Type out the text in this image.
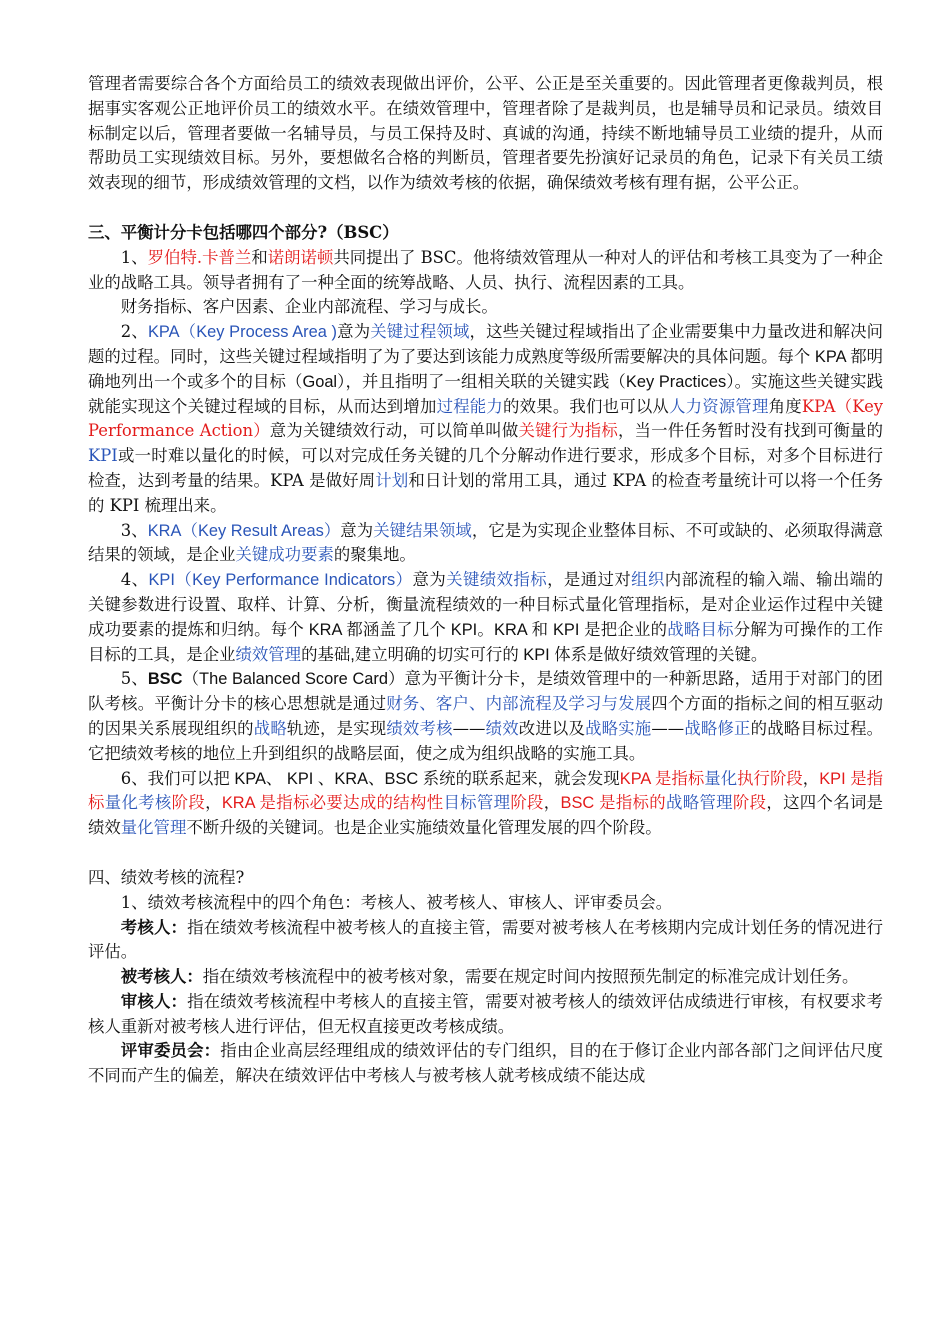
管理者需要综合各个方面给员工的绩效表现做出评价，公平、公正是至关重要的。因此管理者更像裁判员，根据事实客观公正地评价员工的绩效水平。在绩效管理中，管理者除了是裁判员，也是辅导员和记录员。绩效目标制定以后，管理者要做一名辅导员，与员工保持及时、真诚的沟通，持续不断地辅导员工业绩的提升，从而帮助员工实现绩效目标。另外，要想做名合格的判断员，管理者要先扮演好记录员的角色，记录下有关员工绩效表现的细节，形成绩效管理的文档，以作为绩效考核的依据，确保绩效考核有理有据，公平公正。

三、平衡计分卡包括哪四个部分?（BSC）

1、罗伯特.卡普兰和诺朗诺顿共同提出了 BSC。他将绩效管理从一种对人的评估和考核工具变为了一种企业的战略工具。领导者拥有了一种全面的统筹战略、人员、执行、流程因素的工具。

财务指标、客户因素、企业内部流程、学习与成长。

2、KPA（Key Process Area )意为关键过程领域，这些关键过程域指出了企业需要集中力量改进和解决问题的过程。同时，这些关键过程域指明了为了要达到该能力成熟度等级所需要解决的具体问题。每个 KPA 都明确地列出一个或多个的目标（Goal），并且指明了一组相关联的关键实践（Key Practices）。实施这些关键实践就能实现这个关键过程域的目标，从而达到增加过程能力的效果。我们也可以从人力资源管理角度KPA（Key Performance Action）意为关键绩效行动，可以简单叫做关键行为指标，当一件任务暂时没有找到可衡量的KPI或一时难以量化的时候，可以对完成任务关键的几个分解动作进行要求，形成多个目标，对多个目标进行检查，达到考量的结果。KPA 是做好周计划和日计划的常用工具，通过 KPA 的检查考量统计可以将一个任务的 KPI 梳理出来。

3、KRA（Key Result Areas）意为关键结果领域，它是为实现企业整体目标、不可或缺的、必须取得满意结果的领域，是企业关键成功要素的聚集地。

4、KPI（Key Performance Indicators）意为关键绩效指标，是通过对组织内部流程的输入端、输出端的关键参数进行设置、取样、计算、分析，衡量流程绩效的一种目标式量化管理指标，是对企业运作过程中关键成功要素的提炼和归纳。每个 KRA 都涵盖了几个 KPI。KRA 和 KPI 是把企业的战略目标分解为可操作的工作目标的工具，是企业绩效管理的基础,建立明确的切实可行的 KPI 体系是做好绩效管理的关键。

5、BSC（The Balanced Score Card）意为平衡计分卡，是绩效管理中的一种新思路，适用于对部门的团队考核。平衡计分卡的核心思想就是通过财务、客户、内部流程及学习与发展四个方面的指标之间的相互驱动的因果关系展现组织的战略轨迹，是实现绩效考核——绩效改进以及战略实施——战略修正的战略目标过程。它把绩效考核的地位上升到组织的战略层面，使之成为组织战略的实施工具。

6、我们可以把 KPA、 KPI 、KRA、BSC 系统的联系起来，就会发现KPA 是指标量化执行阶段，KPI 是指标量化考核阶段，KRA 是指标必要达成的结构性目标管理阶段，BSC 是指标的战略管理阶段，这四个名词是绩效量化管理不断升级的关键词。也是企业实施绩效量化管理发展的四个阶段。

四、绩效考核的流程?

1、绩效考核流程中的四个角色：考核人、被考核人、审核人、评审委员会。

考核人：指在绩效考核流程中被考核人的直接主管，需要对被考核人在考核期内完成计划任务的情况进行评估。

被考核人：指在绩效考核流程中的被考核对象，需要在规定时间内按照预先制定的标准完成计划任务。

审核人：指在绩效考核流程中考核人的直接主管，需要对被考核人的绩效评估成绩进行审核，有权要求考核人重新对被考核人进行评估，但无权直接更改考核成绩。

评审委员会：指由企业高层经理组成的绩效评估的专门组织，目的在于修订企业内部各部门之间评估尺度不同而产生的偏差，解决在绩效评估中考核人与被考核人就考核成绩不能达成
